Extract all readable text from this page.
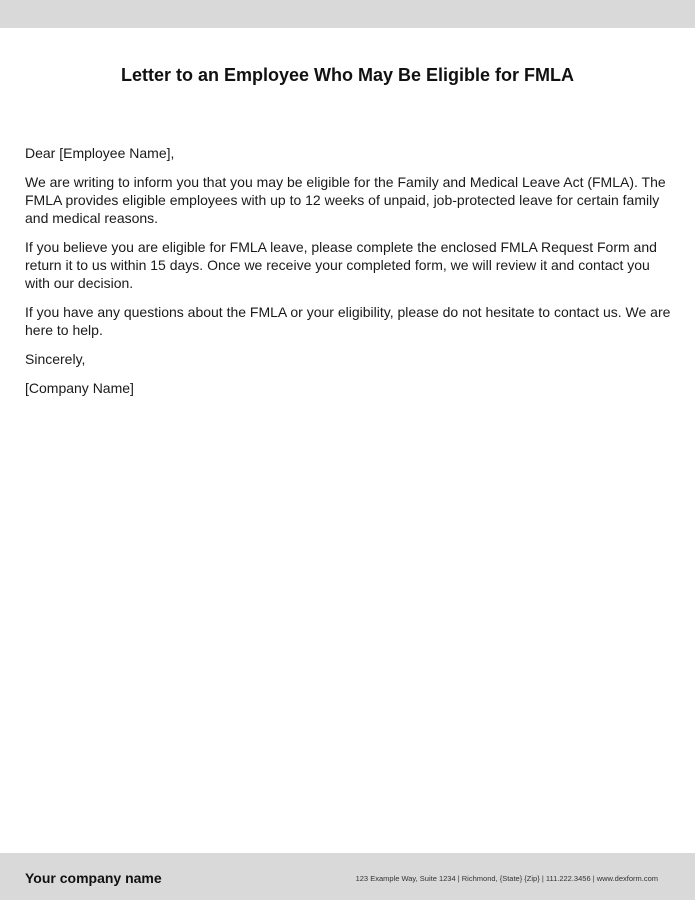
Letter to an Employee Who May Be Eligible for FMLA

Dear [Employee Name],

We are writing to inform you that you may be eligible for the Family and Medical Leave Act (FMLA). The FMLA provides eligible employees with up to 12 weeks of unpaid, job-protected leave for certain family and medical reasons.

If you believe you are eligible for FMLA leave, please complete the enclosed FMLA Request Form and return it to us within 15 days. Once we receive your completed form, we will review it and contact you with our decision.

If you have any questions about the FMLA or your eligibility, please do not hesitate to contact us. We are here to help.

Sincerely,

[Company Name]

Your company name	123 Example Way, Suite 1234 | Richmond, {State} {Zip} | 111.222.3456 | www.dexform.com
